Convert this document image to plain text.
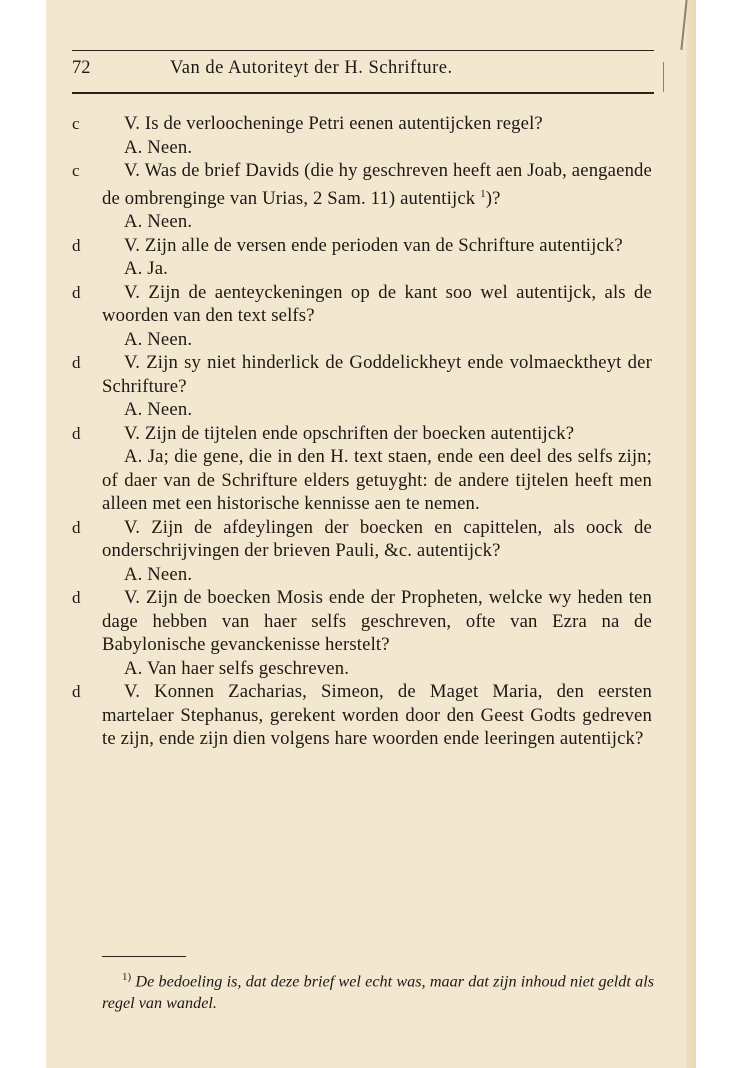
72	Van de Autoriteyt der H. Schrifture.
c	V. Is de verloocheninge Petri eenen autentijcken regel?
A. Neen.
c	V. Was de brief Davids (die hy geschreven heeft aen Joab, aengaende de ombrenginge van Urias, 2 Sam. 11) autentijck $^1$)?
A. Neen.
d	V. Zijn alle de versen ende perioden van de Schrifture autentijck?
A. Ja.
d	V. Zijn de aenteyckeningen op de kant soo wel autentijck, als de woorden van den text selfs?
A. Neen.
d	V. Zijn sy niet hinderlick de Goddelickheyt ende volmaecktheyt der Schrifture?
A. Neen.
d	V. Zijn de tijtelen ende opschriften der boecken autentijck?
A. Ja; die gene, die in den H. text staen, ende een deel des selfs zijn; of daer van de Schrifture elders getuyght: de andere tijtelen heeft men alleen met een historische kennisse aen te nemen.
d	V. Zijn de afdeylingen der boecken en capittelen, als oock de onderschrijvingen der brieven Pauli, &c. autentijck?
A. Neen.
d	V. Zijn de boecken Mosis ende der Propheten, welcke wy heden ten dage hebben van haer selfs geschreven, ofte van Ezra na de Babylonische gevanckenisse herstelt?
A. Van haer selfs geschreven.
d	V. Konnen Zacharias, Simeon, de Maget Maria, den eersten martelaer Stephanus, gerekent worden door den Geest Godts gedreven te zijn, ende zijn dien volgens hare woorden ende leeringen autentijck?
$^{1)}$ De bedoeling is, dat deze brief wel echt was, maar dat zijn inhoud niet geldt als regel van wandel.
